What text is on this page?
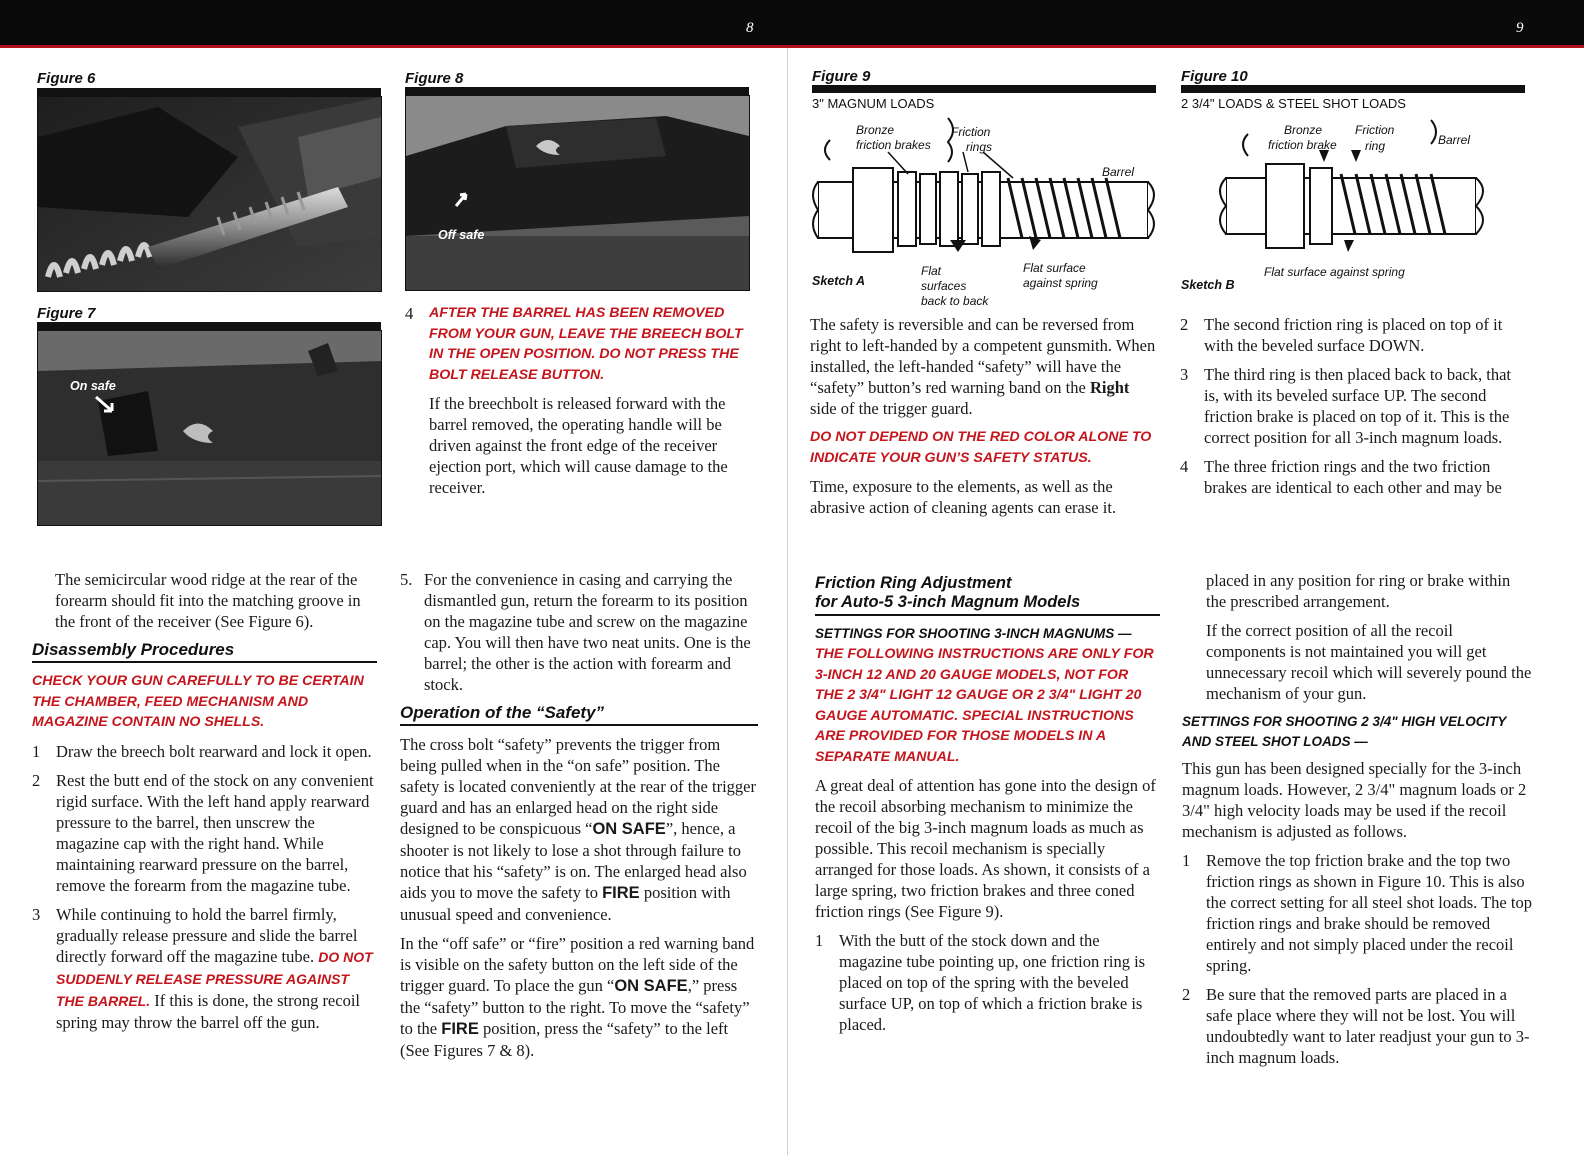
8	9
Figure 6
Figure 7
On safe
Figure 8
Off safe
4	AFTER THE BARREL HAS BEEN REMOVED FROM YOUR GUN, LEAVE THE BREECH BOLT IN THE OPEN POSITION. DO NOT PRESS THE BOLT RELEASE BUTTON.

If the breechbolt is released forward with the barrel removed, the operating handle will be driven against the front edge of the receiver ejection port, which will cause damage to the receiver.

The semicircular wood ridge at the rear of the forearm should fit into the matching groove in the front of the receiver (See Figure 6).

Disassembly Procedures
CHECK YOUR GUN CAREFULLY TO BE CERTAIN THE CHAMBER, FEED MECHANISM AND MAGAZINE CONTAIN NO SHELLS.
1 Draw the breech bolt rearward and lock it open.
2 Rest the butt end of the stock on any convenient rigid surface. With the left hand apply rearward pressure to the barrel, then unscrew the magazine cap with the right hand. While maintaining rearward pressure on the barrel, remove the forearm from the magazine tube.
3 While continuing to hold the barrel firmly, gradually release pressure and slide the barrel directly forward off the magazine tube. DO NOT SUDDENLY RELEASE PRESSURE AGAINST THE BARREL. If this is done, the strong recoil spring may throw the barrel off the gun.
5. For the convenience in casing and carrying the dismantled gun, return the forearm to its position on the magazine tube and screw on the magazine cap. You will then have two neat units. One is the barrel; the other is the action with forearm and stock.
Operation of the “Safety”

The cross bolt “safety” prevents the trigger from being pulled when in the “on safe” position. The safety is located conveniently at the rear of the trigger guard and has an enlarged head on the right side designed to be conspicuous “ON SAFE”, hence, a shooter is not likely to lose a shot through failure to notice that his “safety” is on. The enlarged head also aids you to move the safety to FIRE position with unusual speed and convenience.

In the “off safe” or “fire” position a red warning band is visible on the safety button on the left side of the trigger guard. To place the gun “ON SAFE,” press the “safety” button to the right. To move the “safety” to the FIRE position, press the “safety” to the left (See Figures 7 & 8).

Figure 9
3" MAGNUM LOADS
Bronze
friction brakes
Friction
rings
Barrel
Flat
surfaces
back to back
Flat surface
against spring
Sketch A
Figure 10
2 3/4" LOADS & STEEL SHOT LOADS
Bronze
friction brake
Friction
ring	Barrel
Flat surface against spring
Sketch B

The safety is reversible and can be reversed from right to left-handed by a competent gunsmith. When installed, the left-handed “safety” will have the “safety” button’s red warning band on the Right side of the trigger guard.

DO NOT DEPEND ON THE RED COLOR ALONE TO INDICATE YOUR GUN’S SAFETY STATUS.

Time, exposure to the elements, as well as the abrasive action of cleaning agents can erase it.

Friction Ring Adjustment
for Auto-5 3-inch Magnum Models
SETTINGS FOR SHOOTING 3-INCH MAGNUMS —
THE FOLLOWING INSTRUCTIONS ARE ONLY FOR 3-INCH 12 AND 20 GAUGE MODELS, NOT FOR THE 2 3/4" LIGHT 12 GAUGE OR 2 3/4" LIGHT 20 GAUGE AUTOMATIC. SPECIAL INSTRUCTIONS ARE PROVIDED FOR THOSE MODELS IN A SEPARATE MANUAL.

A great deal of attention has gone into the design of the recoil absorbing mechanism to minimize the recoil of the big 3-inch magnum loads as much as possible. This recoil mechanism is specially arranged for those loads. As shown, it consists of a large spring, two friction brakes and three coned friction rings (See Figure 9).

1 With the butt of the stock down and the magazine tube pointing up, one friction ring is placed on top of the spring with the beveled surface UP, on top of which a friction brake is placed.
2 The second friction ring is placed on top of it with the beveled surface DOWN.
3 The third ring is then placed back to back, that is, with its beveled surface UP. The second friction brake is placed on top of it. This is the correct position for all 3-inch magnum loads.
4 The three friction rings and the two friction brakes are identical to each other and may be

placed in any position for ring or brake within the prescribed arrangement.

If the correct position of all the recoil components is not maintained you will get unnecessary recoil which will severely pound the mechanism of your gun.

SETTINGS FOR SHOOTING 2 3/4" HIGH VELOCITY AND STEEL SHOT LOADS —

This gun has been designed specially for the 3-inch magnum loads. However, 2 3/4" magnum loads or 2 3/4" high velocity loads may be used if the recoil mechanism is adjusted as follows.

1 Remove the top friction brake and the top two friction rings as shown in Figure 10. This is also the correct setting for all steel shot loads. The top friction rings and brake should be removed entirely and not simply placed under the recoil spring.
2 Be sure that the removed parts are placed in a safe place where they will not be lost. You will undoubtedly want to later readjust your gun to 3-inch magnum loads.
